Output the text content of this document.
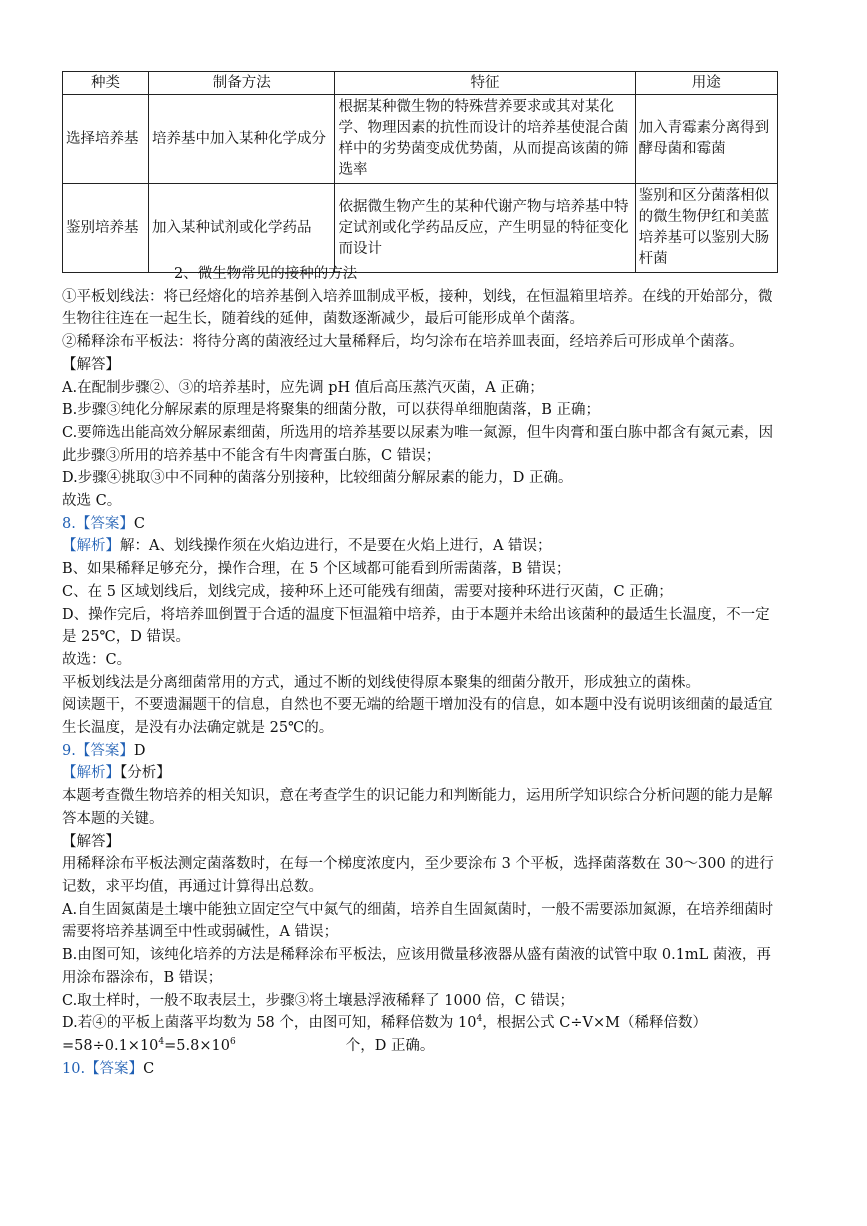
种类	制备方法	特征	用途
选择培养基	培养基中加入某种化学成分	根据某种微生物的特殊营养要求或其对某化学、物理因素的抗性而设计的培养基使混合菌样中的劣势菌变成优势菌，从而提高该菌的筛选率	加入青霉素分离得到酵母菌和霉菌
鉴别培养基	加入某种试剂或化学药品	依据微生物产生的某种代谢产物与培养基中特定试剂或化学药品反应，产生明显的特征变化而设计	鉴别和区分菌落相似的微生物伊红和美蓝培养基可以鉴别大肠杆菌

2、微生物常见的接种的方法

①平板划线法：将已经熔化的培养基倒入培养皿制成平板，接种，划线，在恒温箱里培养。在线的开始部分，微生物往往连在一起生长，随着线的延伸，菌数逐渐减少，最后可能形成单个菌落。

②稀释涂布平板法：将待分离的菌液经过大量稀释后，均匀涂布在培养皿表面，经培养后可形成单个菌落。

【解答】

A.在配制步骤②、③的培养基时，应先调 pH 值后高压蒸汽灭菌，A 正确；

B.步骤③纯化分解尿素的原理是将聚集的细菌分散，可以获得单细胞菌落，B 正确；

C.要筛选出能高效分解尿素细菌，所选用的培养基要以尿素为唯一氮源，但牛肉膏和蛋白胨中都含有氮元素，因此步骤③所用的培养基中不能含有牛肉膏蛋白胨，C 错误；

D.步骤④挑取③中不同种的菌落分别接种，比较细菌分解尿素的能力，D 正确。

故选 C。

8.【答案】C

【解析】解：A、划线操作须在火焰边进行，不是要在火焰上进行，A 错误；

B、如果稀释足够充分，操作合理，在 5 个区域都可能看到所需菌落，B 错误；

C、在 5 区域划线后，划线完成，接种环上还可能残有细菌，需要对接种环进行灭菌，C 正确；

D、操作完后，将培养皿倒置于合适的温度下恒温箱中培养，由于本题并未给出该菌种的最适生长温度，不一定是 25℃，D 错误。

故选：C。

平板划线法是分离细菌常用的方式，通过不断的划线使得原本聚集的细菌分散开，形成独立的菌株。

阅读题干，不要遗漏题干的信息，自然也不要无端的给题干增加没有的信息，如本题中没有说明该细菌的最适宜生长温度，是没有办法确定就是 25℃的。

9.【答案】D

【解析】【分析】

本题考查微生物培养的相关知识，意在考查学生的识记能力和判断能力，运用所学知识综合分析问题的能力是解答本题的关键。

【解答】

用稀释涂布平板法测定菌落数时，在每一个梯度浓度内，至少要涂布 3 个平板，选择菌落数在 30～300 的进行记数，求平均值，再通过计算得出总数。

A.自生固氮菌是土壤中能独立固定空气中氮气的细菌，培养自生固氮菌时，一般不需要添加氮源，在培养细菌时需要将培养基调至中性或弱碱性，A 错误；

B.由图可知，该纯化培养的方法是稀释涂布平板法，应该用微量移液器从盛有菌液的试管中取 0.1mL 菌液，再用涂布器涂布，B 错误；

C.取土样时，一般不取表层土，步骤③将土壤悬浮液稀释了 1000 倍，C 错误；

D.若④的平板上菌落平均数为 58 个，由图可知，稀释倍数为 $10^4$，根据公式 C÷V×M（稀释倍数）

$=58\div 0.1\times 10^4=5.8\times 10^6$	个，D 正确。

10.【答案】C
